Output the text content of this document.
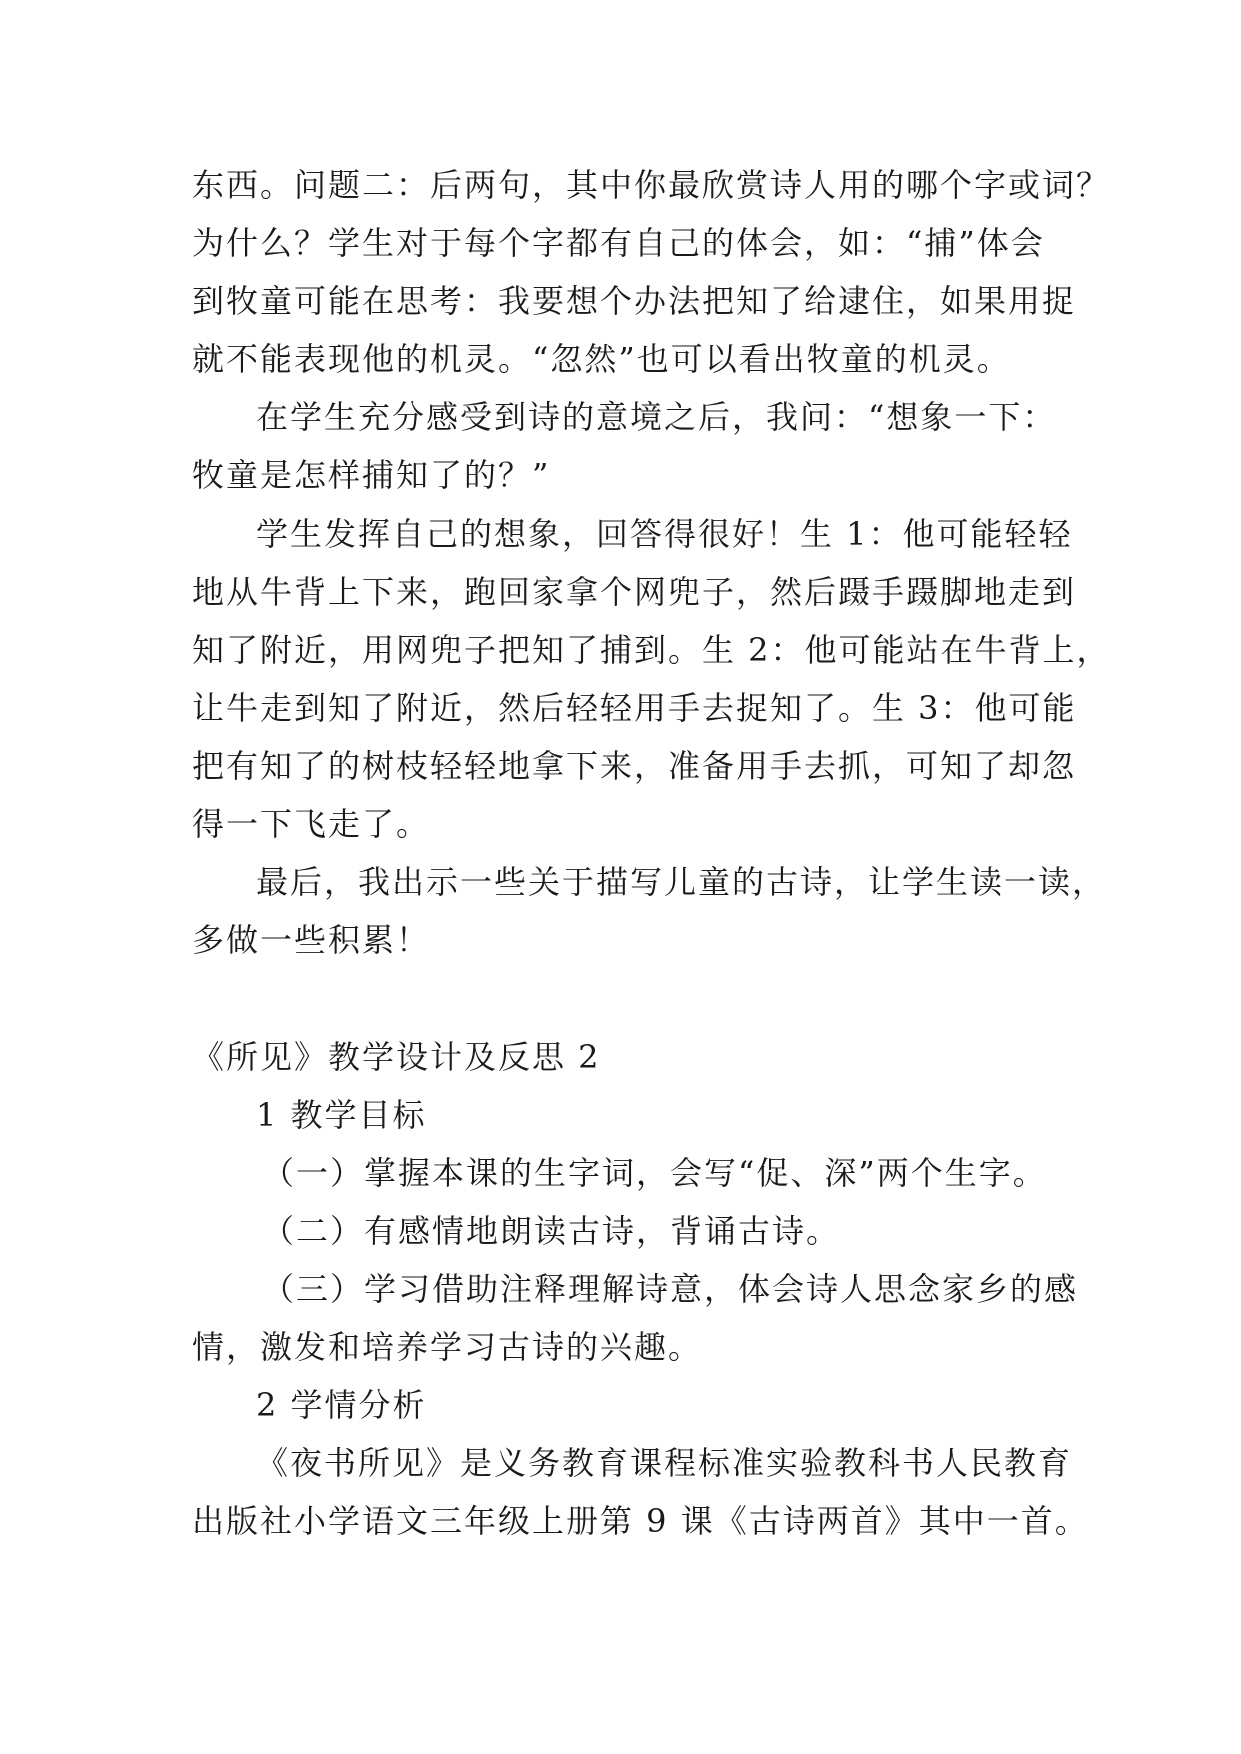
东西。问题二：后两句，其中你最欣赏诗人用的哪个字或词？
为什么？学生对于每个字都有自己的体会，如：“捕”体会
到牧童可能在思考：我要想个办法把知了给逮住，如果用捉
就不能表现他的机灵。“忽然”也可以看出牧童的机灵。
在学生充分感受到诗的意境之后，我问：“想象一下：
牧童是怎样捕知了的？”
学生发挥自己的想象，回答得很好！生 1：他可能轻轻
地从牛背上下来，跑回家拿个网兜子，然后蹑手蹑脚地走到
知了附近，用网兜子把知了捕到。生 2：他可能站在牛背上，
让牛走到知了附近，然后轻轻用手去捉知了。生 3：他可能
把有知了的树枝轻轻地拿下来，准备用手去抓，可知了却忽
得一下飞走了。
最后，我出示一些关于描写儿童的古诗，让学生读一读，
多做一些积累！
《所见》教学设计及反思 2
1 教学目标
（一）掌握本课的生字词，会写“促、深”两个生字。
（二）有感情地朗读古诗，背诵古诗。
（三）学习借助注释理解诗意，体会诗人思念家乡的感
情，激发和培养学习古诗的兴趣。
2 学情分析
《夜书所见》是义务教育课程标准实验教科书人民教育
出版社小学语文三年级上册第 9 课《古诗两首》其中一首。
